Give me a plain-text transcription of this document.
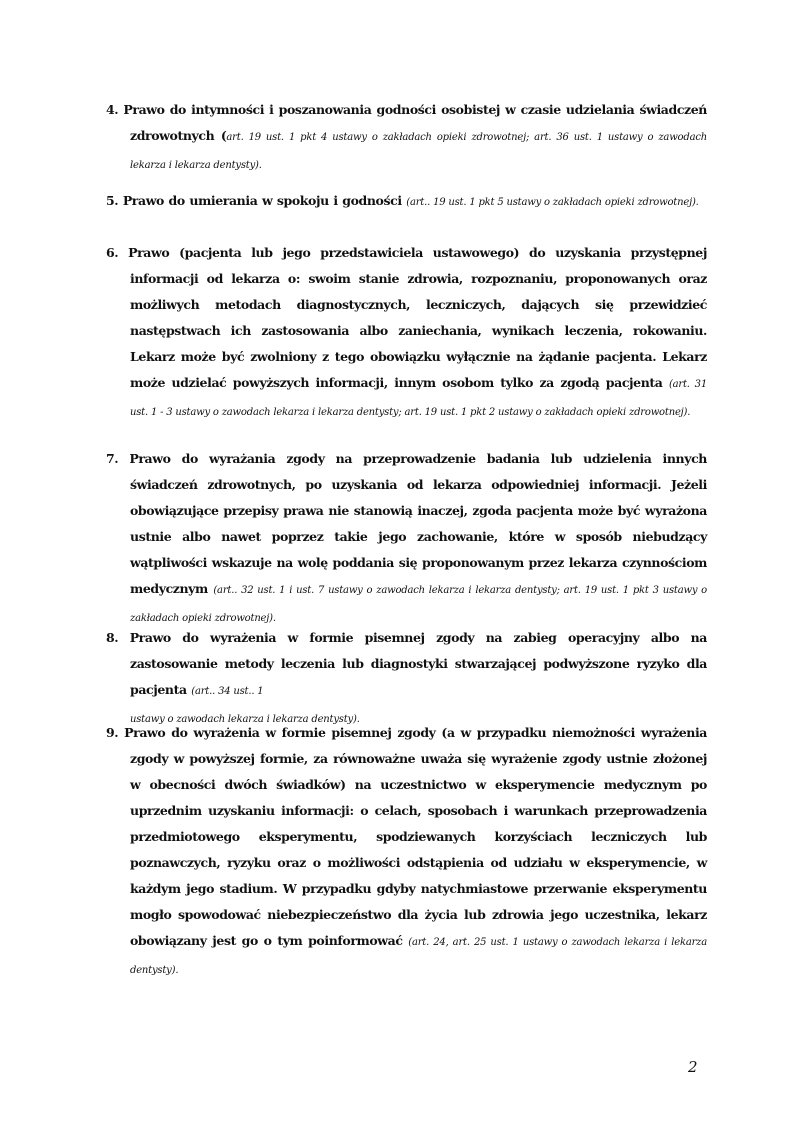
4. Prawo do intymności i poszanowania godności osobistej w czasie udzielania świadczeń zdrowotnych (art. 19 ust. 1 pkt 4 ustawy o zakładach opieki zdrowotnej; art. 36 ust. 1 ustawy o zawodach lekarza i lekarza dentysty).
5. Prawo do umierania w spokoju i godności (art.. 19 ust. 1 pkt 5 ustawy o zakładach opieki zdrowotnej).
6. Prawo (pacjenta lub jego przedstawiciela ustawowego) do uzyskania przystępnej informacji od lekarza o: swoim stanie zdrowia, rozpoznaniu, proponowanych oraz możliwych metodach diagnostycznych, leczniczych, dających się przewidzieć następstwach ich zastosowania albo zaniechania, wynikach leczenia, rokowaniu. Lekarz może być zwolniony z tego obowiązku wyłącznie na żądanie pacjenta. Lekarz może udzielać powyższych informacji, innym osobom tylko za zgodą pacjenta (art. 31 ust. 1 - 3 ustawy o zawodach lekarza i lekarza dentysty; art. 19 ust. 1 pkt 2 ustawy o zakładach opieki zdrowotnej).
7. Prawo do wyrażania zgody na przeprowadzenie badania lub udzielenia innych świadczeń zdrowotnych, po uzyskania od lekarza odpowiedniej informacji. Jeżeli obowiązujące przepisy prawa nie stanowią inaczej, zgoda pacjenta może być wyrażona ustnie albo nawet poprzez takie jego zachowanie, które w sposób niebudzący wątpliwości wskazuje na wolę poddania się proponowanym przez lekarza czynnościom medycznym (art.. 32 ust. 1 i ust. 7 ustawy o zawodach lekarza i lekarza dentysty; art. 19 ust. 1 pkt 3 ustawy o zakładach opieki zdrowotnej).
8. Prawo do wyrażenia w formie pisemnej zgody na zabieg operacyjny albo na zastosowanie metody leczenia lub diagnostyki stwarzającej podwyższone ryzyko dla pacjenta (art.. 34 ust.. 1
ustawy o zawodach lekarza i lekarza dentysty).
9. Prawo do wyrażenia w formie pisemnej zgody (a w przypadku niemożności wyrażenia zgody w powyższej formie, za równoważne uważa się wyrażenie zgody ustnie złożonej w obecności dwóch świadków) na uczestnictwo w eksperymencie medycznym po uprzednim uzyskaniu informacji: o celach, sposobach i warunkach przeprowadzenia przedmiotowego eksperymentu, spodziewanych korzyściach leczniczych lub poznawczych, ryzyku oraz o możliwości odstąpienia od udziału w eksperymencie, w każdym jego stadium. W przypadku gdyby natychmiastowe przerwanie eksperymentu mogło spowodować niebezpieczeństwo dla życia lub zdrowia jego uczestnika, lekarz obowiązany jest go o tym poinformować (art. 24, art. 25 ust. 1 ustawy o zawodach lekarza i lekarza dentysty).
2
